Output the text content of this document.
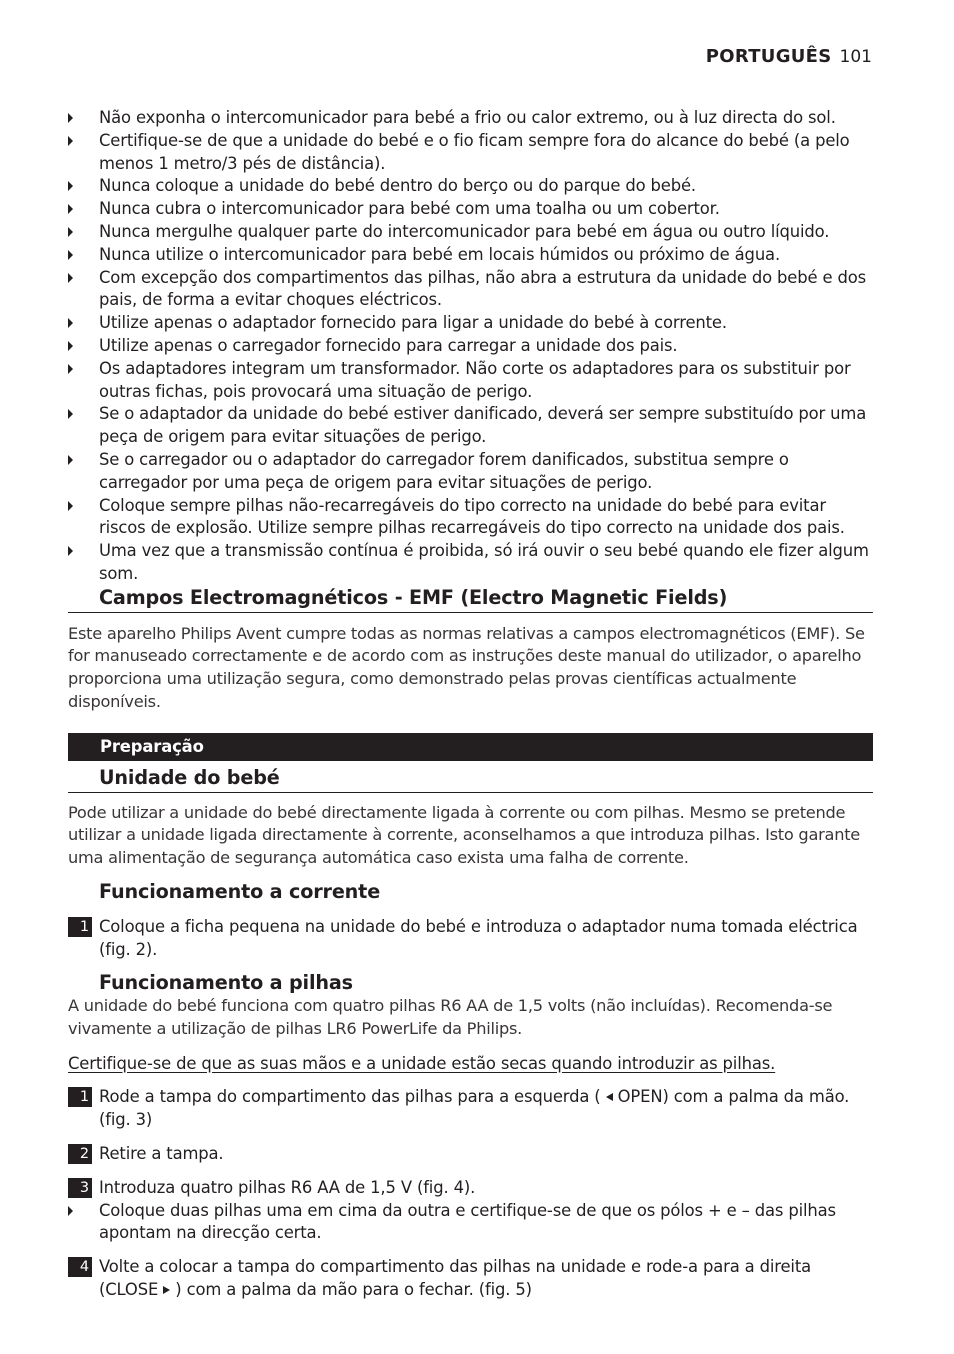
PORTUGUÊS 101
Não exponha o intercomunicador para bebé a frio ou calor extremo, ou à luz directa do sol.
Certifique-se de que a unidade do bebé e o fio ficam sempre fora do alcance do bebé (a pelo menos 1 metro/3 pés de distância).
Nunca coloque a unidade do bebé dentro do berço ou do parque do bebé.
Nunca cubra o intercomunicador para bebé com uma toalha ou um cobertor.
Nunca mergulhe qualquer parte do intercomunicador para bebé em água ou outro líquido.
Nunca utilize o intercomunicador para bebé em locais húmidos ou próximo de água.
Com excepção dos compartimentos das pilhas, não abra a estrutura da unidade do bebé e dos pais, de forma a evitar choques eléctricos.
Utilize apenas o adaptador fornecido para ligar a unidade do bebé à corrente.
Utilize apenas o carregador fornecido para carregar a unidade dos pais.
Os adaptadores integram um transformador. Não corte os adaptadores para os substituir por outras fichas, pois provocará uma situação de perigo.
Se o adaptador da unidade do bebé estiver danificado, deverá ser sempre substituído por uma peça de origem para evitar situações de perigo.
Se o carregador ou o adaptador do carregador forem danificados, substitua sempre o carregador por uma peça de origem para evitar situações de perigo.
Coloque sempre pilhas não-recarregáveis do tipo correcto na unidade do bebé para evitar riscos de explosão. Utilize sempre pilhas recarregáveis do tipo correcto na unidade dos pais.
Uma vez que a transmissão contínua é proibida, só irá ouvir o seu bebé quando ele fizer algum som.
Campos Electromagnéticos - EMF (Electro Magnetic Fields)

Este aparelho Philips Avent cumpre todas as normas relativas a campos electromagnéticos (EMF). Se for manuseado correctamente e de acordo com as instruções deste manual do utilizador, o aparelho proporciona uma utilização segura, como demonstrado pelas provas científicas actualmente disponíveis.

Preparação
Unidade do bebé

Pode utilizar a unidade do bebé directamente ligada à corrente ou com pilhas. Mesmo se pretende utilizar a unidade ligada directamente à corrente, aconselhamos a que introduza pilhas. Isto garante uma alimentação de segurança automática caso exista uma falha de corrente.

Funcionamento a corrente
1 Coloque a ficha pequena na unidade do bebé e introduza o adaptador numa tomada eléctrica (fig. 2).
Funcionamento a pilhas

A unidade do bebé funciona com quatro pilhas R6 AA de 1,5 volts (não incluídas). Recomenda-se vivamente a utilização de pilhas LR6 PowerLife da Philips.

Certifique-se de que as suas mãos e a unidade estão secas quando introduzir as pilhas.

1 Rode a tampa do compartimento das pilhas para a esquerda ( OPEN) com a palma da mão. (fig. 3)
2 Retire a tampa.
3 Introduza quatro pilhas R6 AA de 1,5 V (fig. 4).
Coloque duas pilhas uma em cima da outra e certifique-se de que os pólos + e – das pilhas apontam na direcção certa.
4 Volte a colocar a tampa do compartimento das pilhas na unidade e rode-a para a direita (CLOSE ) com a palma da mão para o fechar. (fig. 5)
